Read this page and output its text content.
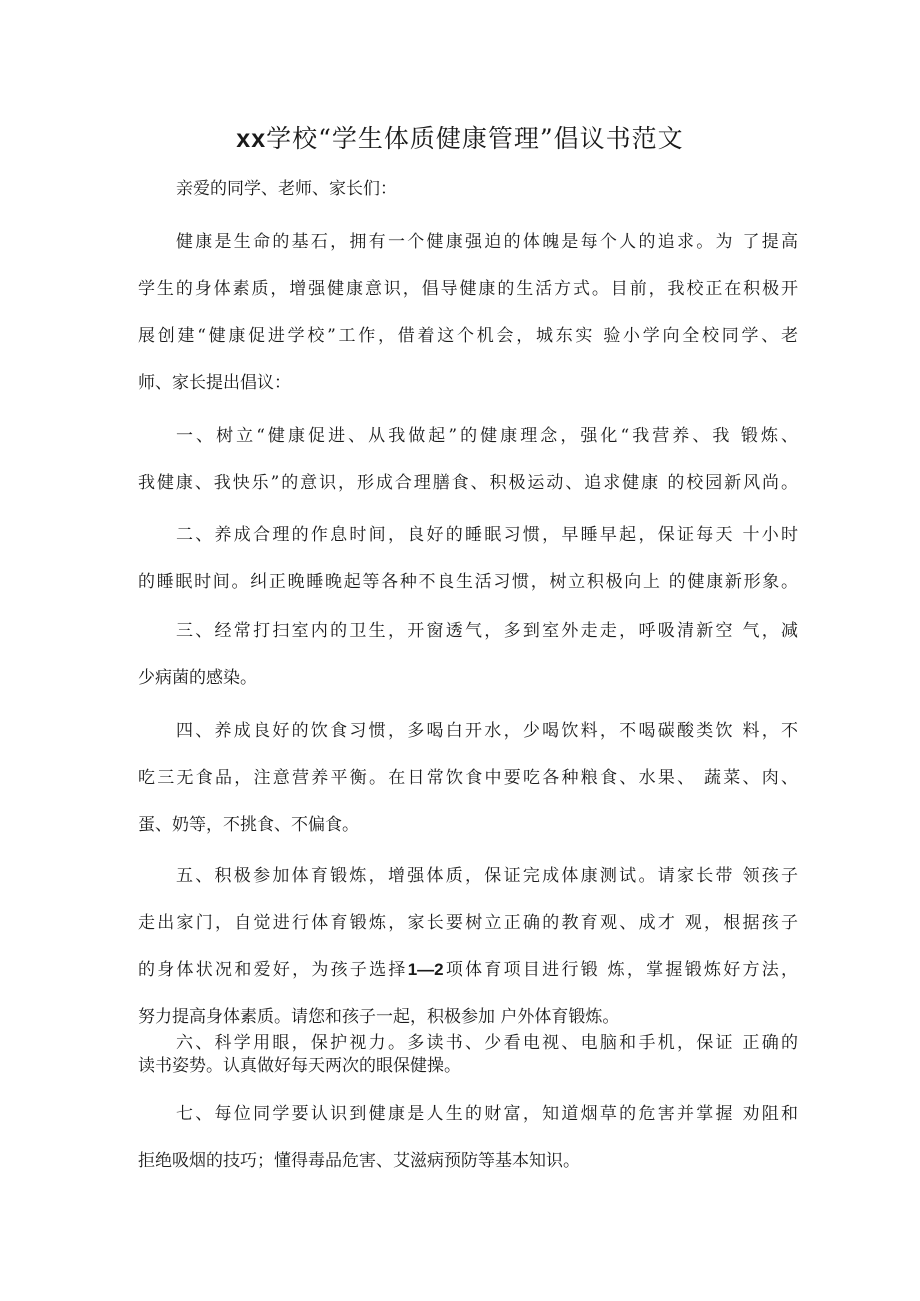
xx学校“学生体质健康管理”倡议书范文
亲爱的同学、老师、家长们：
健康是生命的基石，拥有一个健康强迫的体魄是每个人的追求。为 了提高
学生的身体素质，增强健康意识，倡导健康的生活方式。目前，我校正在积极开
展创建“健康促进学校”工作，借着这个机会，城东实 验小学向全校同学、老
师、家长提出倡议：
一、树立“健康促进、从我做起”的健康理念，强化“我营养、我 锻炼、
我健康、我快乐”的意识，形成合理膳食、积极运动、追求健康 的校园新风尚。
二、养成合理的作息时间，良好的睡眠习惯，早睡早起，保证每天 十小时
的睡眠时间。纠正晚睡晚起等各种不良生活习惯，树立积极向上 的健康新形象。
三、经常打扫室内的卫生，开窗透气，多到室外走走，呼吸清新空 气，减
少病菌的感染。
四、养成良好的饮食习惯，多喝白开水，少喝饮料，不喝碳酸类饮 料，不
吃三无食品，注意营养平衡。在日常饮食中要吃各种粮食、水果、 蔬菜、肉、
蛋、奶等，不挑食、不偏食。
五、积极参加体育锻炼，增强体质，保证完成体康测试。请家长带 领孩子
走出家门，自觉进行体育锻炼，家长要树立正确的教育观、成才 观，根据孩子
的身体状况和爱好，为孩子选择1—2项体育项目进行锻 炼，掌握锻炼好方法，
努力提高身体素质。请您和孩子一起，积极参加 户外体育锻炼。
六、科学用眼，保护视力。多读书、少看电视、电脑和手机，保证 正确的
读书姿势。认真做好每天两次的眼保健操。
七、每位同学要认识到健康是人生的财富，知道烟草的危害并掌握 劝阻和
拒绝吸烟的技巧；懂得毒品危害、艾滋病预防等基本知识。
